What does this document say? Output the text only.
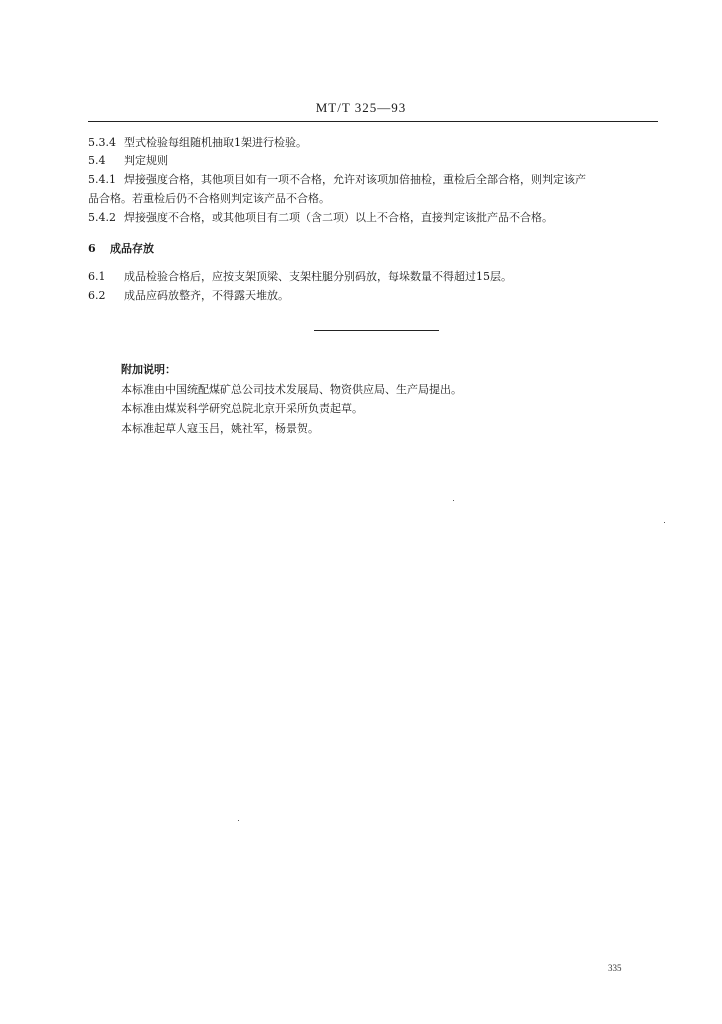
MT/T 325—93
5.3.4 型式检验每组随机抽取1架进行检验。
5.4 判定规则
5.4.1 焊接强度合格，其他项目如有一项不合格，允许对该项加倍抽检，重检后全部合格，则判定该产
品合格。若重检后仍不合格则判定该产品不合格。
5.4.2 焊接强度不合格，或其他项目有二项（含二项）以上不合格，直接判定该批产品不合格。
6 成品存放
6.1 成品检验合格后，应按支架顶梁、支架柱腿分别码放，每垛数量不得超过15层。
6.2 成品应码放整齐，不得露天堆放。
附加说明：
本标准由中国统配煤矿总公司技术发展局、物资供应局、生产局提出。
本标准由煤炭科学研究总院北京开采所负责起草。
本标准起草人寇玉吕，姚社军，杨景贺。
335
